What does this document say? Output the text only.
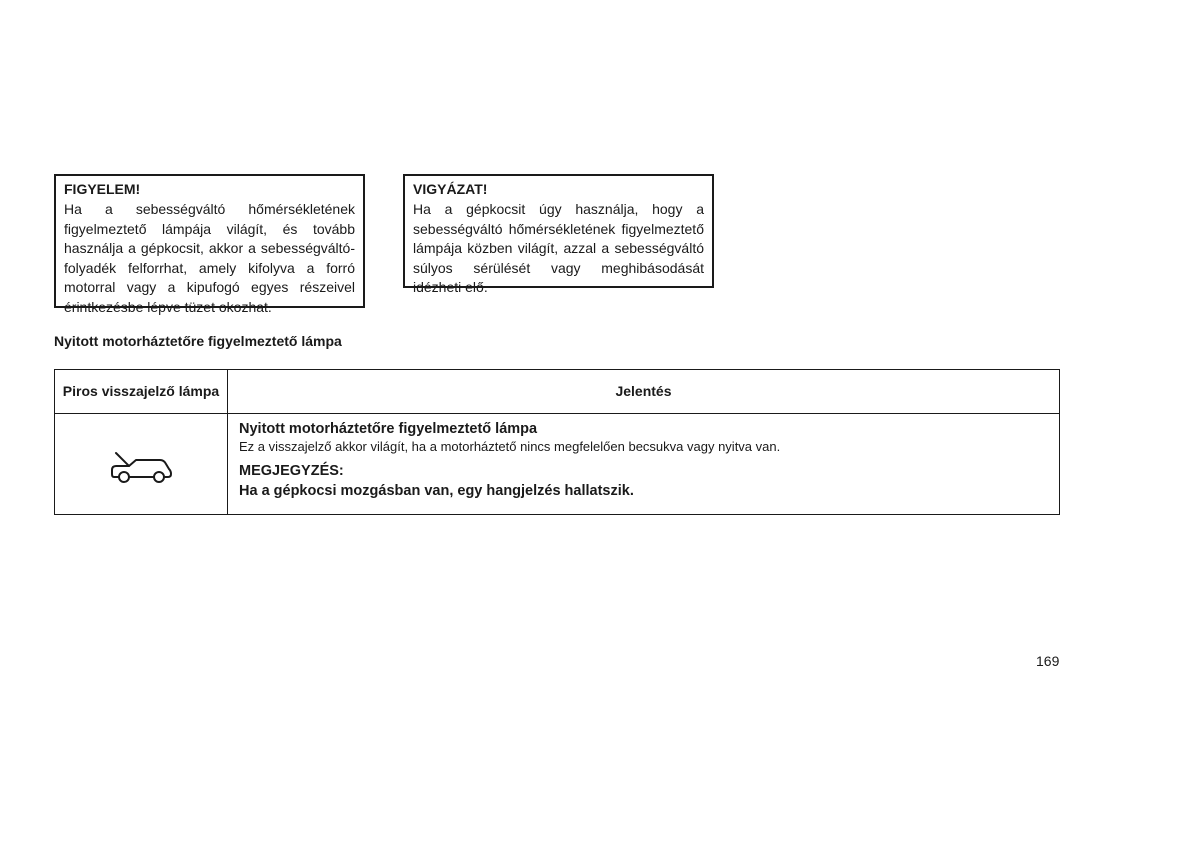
FIGYELEM!
Ha a sebességváltó hőmérsékletének figyelmeztető lámpája világít, és tovább használja a gépkocsit, akkor a sebességváltó-folyadék felforrhat, amely kifolyva a forró motorral vagy a kipufogó egyes részeivel érintkezésbe lépve tüzet okozhat.
VIGYÁZAT!
Ha a gépkocsit úgy használja, hogy a sebességváltó hőmérsékletének figyelmeztető lámpája közben világít, azzal a sebességváltó súlyos sérülését vagy meghibásodását idézheti elő.
Nyitott motorháztetőre figyelmeztető lámpa
Piros visszajelző lámpa	Jelentés

Nyitott motorháztetőre figyelmeztető lámpa
Ez a visszajelző akkor világít, ha a motorháztető nincs megfelelően becsukva vagy nyitva van.
MEGJEGYZÉS:
Ha a gépkocsi mozgásban van, egy hangjelzés hallatszik.
169
